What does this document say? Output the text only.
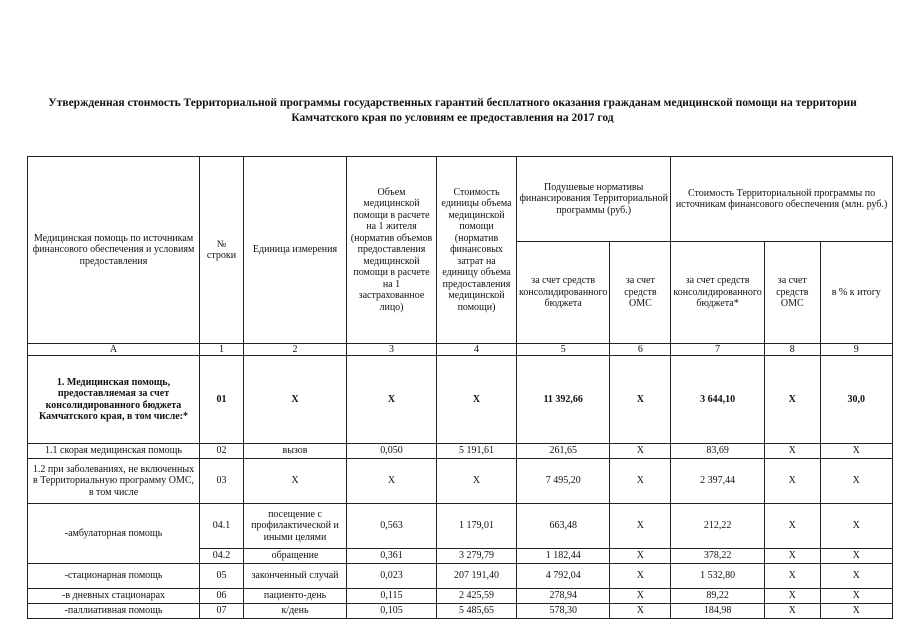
Утвержденная стоимость Территориальной программы государственных гарантий бесплатного оказания гражданам медицинской помощи на территории Камчатского края по условиям ее предоставления на 2017 год
Медицинская помощь по источникам финансового обеспечения и условиям предоставления	№ строки	Единица измерения	Объем медицинской помощи в расчете на 1 жителя (норматив объемов предоставления медицинской помощи в расчете на 1 застрахованное лицо)	Стоимость единицы объема медицинской помощи (норматив финансовых затрат на единицу объема предоставления медицинской помощи)	Подушевые нормативы финансирования Территориальной программы (руб.)		Стоимость Территориальной программы по источникам финансового обеспечения (млн. руб.)		
					за счет средств консолидированного бюджета	за счет средств ОМС	за счет средств консолидированного бюджета*	за счет средств ОМС	в % к итогу
А	1	2	3	4	5	6	7	8	9

1. Медицинская помощь, предоставляемая за счет консолидированного бюджета Камчатского края, в том числе:*	01	X	X	X	11 392,66	X	3 644,10	X	30,0
1.1 скорая медицинская помощь	02	вызов	0,050	5 191,61	261,65	X	83,69	X	X
1.2 при заболеваниях, не включенных в Территориальную программу ОМС, в том числе	03	X	X	X	7 495,20	X	2 397,44	X	X
-амбулаторная помощь	04.1	посещение с профилактической и иными целями	0,563	1 179,01	663,48	X	212,22	X	X
	04.2	обращение	0,361	3 279,79	1 182,44	X	378,22	X	X
-стационарная помощь	05	законченный случай	0,023	207 191,40	4 792,04	X	1 532,80	X	X
-в дневных стационарах	06	пациенто-день	0,115	2 425,59	278,94	X	89,22	X	X
-паллиативная помощь	07	к/день	0,105	5 485,65	578,30	X	184,98	X	X
